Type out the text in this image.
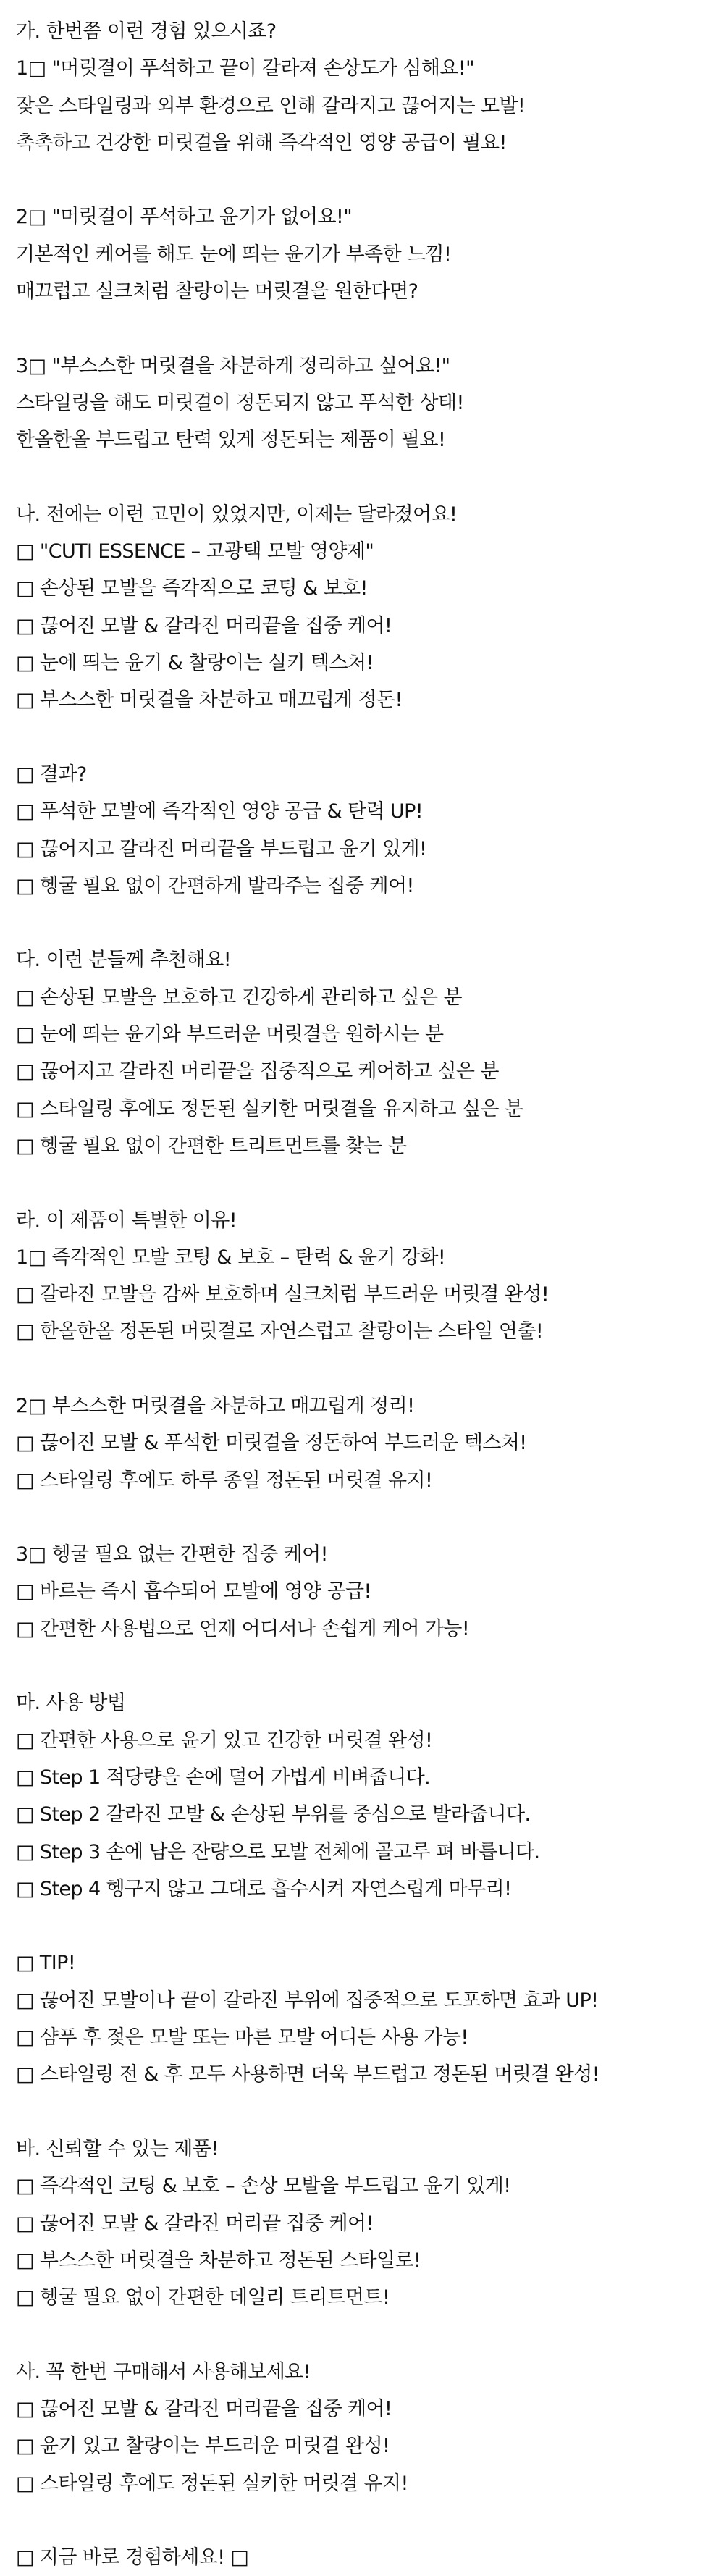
가. 한번쯤 이런 경험 있으시죠?
1□ "머릿결이 푸석하고 끝이 갈라져 손상도가 심해요!"
잦은 스타일링과 외부 환경으로 인해 갈라지고 끊어지는 모발!
촉촉하고 건강한 머릿결을 위해 즉각적인 영양 공급이 필요!
2□ "머릿결이 푸석하고 윤기가 없어요!"
기본적인 케어를 해도 눈에 띄는 윤기가 부족한 느낌!
매끄럽고 실크처럼 찰랑이는 머릿결을 원한다면?
3□ "부스스한 머릿결을 차분하게 정리하고 싶어요!"
스타일링을 해도 머릿결이 정돈되지 않고 푸석한 상태!
한올한올 부드럽고 탄력 있게 정돈되는 제품이 필요!
나. 전에는 이런 고민이 있었지만, 이제는 달라졌어요!
□ "CUTI ESSENCE – 고광택 모발 영양제"
□ 손상된 모발을 즉각적으로 코팅 & 보호!
□ 끊어진 모발 & 갈라진 머리끝을 집중 케어!
□ 눈에 띄는 윤기 & 찰랑이는 실키 텍스처!
□ 부스스한 머릿결을 차분하고 매끄럽게 정돈!
□ 결과?
□ 푸석한 모발에 즉각적인 영양 공급 & 탄력 UP!
□ 끊어지고 갈라진 머리끝을 부드럽고 윤기 있게!
□ 헹굴 필요 없이 간편하게 발라주는 집중 케어!
다. 이런 분들께 추천해요!
□ 손상된 모발을 보호하고 건강하게 관리하고 싶은 분
□ 눈에 띄는 윤기와 부드러운 머릿결을 원하시는 분
□ 끊어지고 갈라진 머리끝을 집중적으로 케어하고 싶은 분
□ 스타일링 후에도 정돈된 실키한 머릿결을 유지하고 싶은 분
□ 헹굴 필요 없이 간편한 트리트먼트를 찾는 분
라. 이 제품이 특별한 이유!
1□ 즉각적인 모발 코팅 & 보호 – 탄력 & 윤기 강화!
□ 갈라진 모발을 감싸 보호하며 실크처럼 부드러운 머릿결 완성!
□ 한올한올 정돈된 머릿결로 자연스럽고 찰랑이는 스타일 연출!
2□ 부스스한 머릿결을 차분하고 매끄럽게 정리!
□ 끊어진 모발 & 푸석한 머릿결을 정돈하여 부드러운 텍스처!
□ 스타일링 후에도 하루 종일 정돈된 머릿결 유지!
3□ 헹굴 필요 없는 간편한 집중 케어!
□ 바르는 즉시 흡수되어 모발에 영양 공급!
□ 간편한 사용법으로 언제 어디서나 손쉽게 케어 가능!
마. 사용 방법
□ 간편한 사용으로 윤기 있고 건강한 머릿결 완성!
□ Step 1 적당량을 손에 덜어 가볍게 비벼줍니다.
□ Step 2 갈라진 모발 & 손상된 부위를 중심으로 발라줍니다.
□ Step 3 손에 남은 잔량으로 모발 전체에 골고루 펴 바릅니다.
□ Step 4 헹구지 않고 그대로 흡수시켜 자연스럽게 마무리!
□ TIP!
□ 끊어진 모발이나 끝이 갈라진 부위에 집중적으로 도포하면 효과 UP!
□ 샴푸 후 젖은 모발 또는 마른 모발 어디든 사용 가능!
□ 스타일링 전 & 후 모두 사용하면 더욱 부드럽고 정돈된 머릿결 완성!
바. 신뢰할 수 있는 제품!
□ 즉각적인 코팅 & 보호 – 손상 모발을 부드럽고 윤기 있게!
□ 끊어진 모발 & 갈라진 머리끝 집중 케어!
□ 부스스한 머릿결을 차분하고 정돈된 스타일로!
□ 헹굴 필요 없이 간편한 데일리 트리트먼트!
사. 꼭 한번 구매해서 사용해보세요!
□ 끊어진 모발 & 갈라진 머리끝을 집중 케어!
□ 윤기 있고 찰랑이는 부드러운 머릿결 완성!
□ 스타일링 후에도 정돈된 실키한 머릿결 유지!
□ 지금 바로 경험하세요! □
